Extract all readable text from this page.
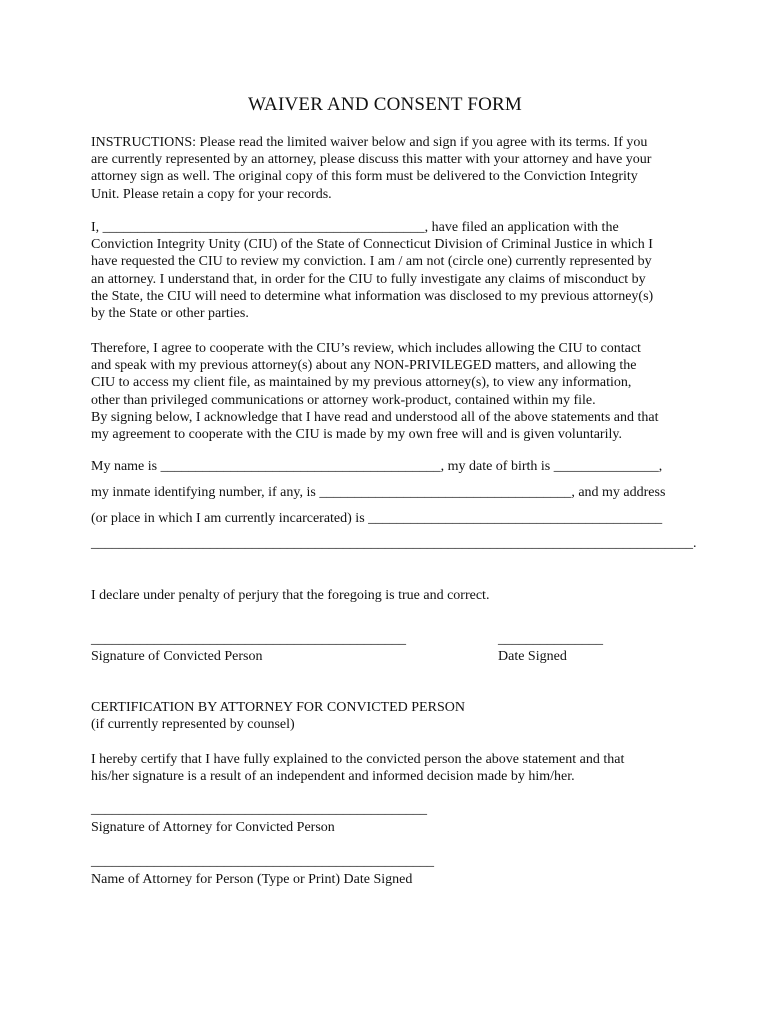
WAIVER AND CONSENT FORM
INSTRUCTIONS: Please read the limited waiver below and sign if you agree with its terms. If you
are currently represented by an attorney, please discuss this matter with your attorney and have your
attorney sign as well. The original copy of this form must be delivered to the Conviction Integrity
Unit. Please retain a copy for your records.
I, ______________________________________________, have filed an application with the
Conviction Integrity Unity (CIU) of the State of Connecticut Division of Criminal Justice in which I
have requested the CIU to review my conviction. I am / am not (circle one) currently represented by
an attorney. I understand that, in order for the CIU to fully investigate any claims of misconduct by
the State, the CIU will need to determine what information was disclosed to my previous attorney(s)
by the State or other parties.
Therefore, I agree to cooperate with the CIU’s review, which includes allowing the CIU to contact
and speak with my previous attorney(s) about any NON-PRIVILEGED matters, and allowing the
CIU to access my client file, as maintained by my previous attorney(s), to view any information,
other than privileged communications or attorney work-product, contained within my file.
By signing below, I acknowledge that I have read and understood all of the above statements and that
my agreement to cooperate with the CIU is made by my own free will and is given voluntarily.
My name is ________________________________________, my date of birth is _______________,
my inmate identifying number, if any, is ____________________________________, and my address
(or place in which I am currently incarcerated) is __________________________________________
______________________________________________________________________________________.
I declare under penalty of perjury that the foregoing is true and correct.
_____________________________________________
Signature of Convicted Person
_______________
Date Signed
CERTIFICATION BY ATTORNEY FOR CONVICTED PERSON
(if currently represented by counsel)
I hereby certify that I have fully explained to the convicted person the above statement and that
his/her signature is a result of an independent and informed decision made by him/her.
________________________________________________
Signature of Attorney for Convicted Person
_________________________________________________
Name of Attorney for Person (Type or Print) Date Signed
